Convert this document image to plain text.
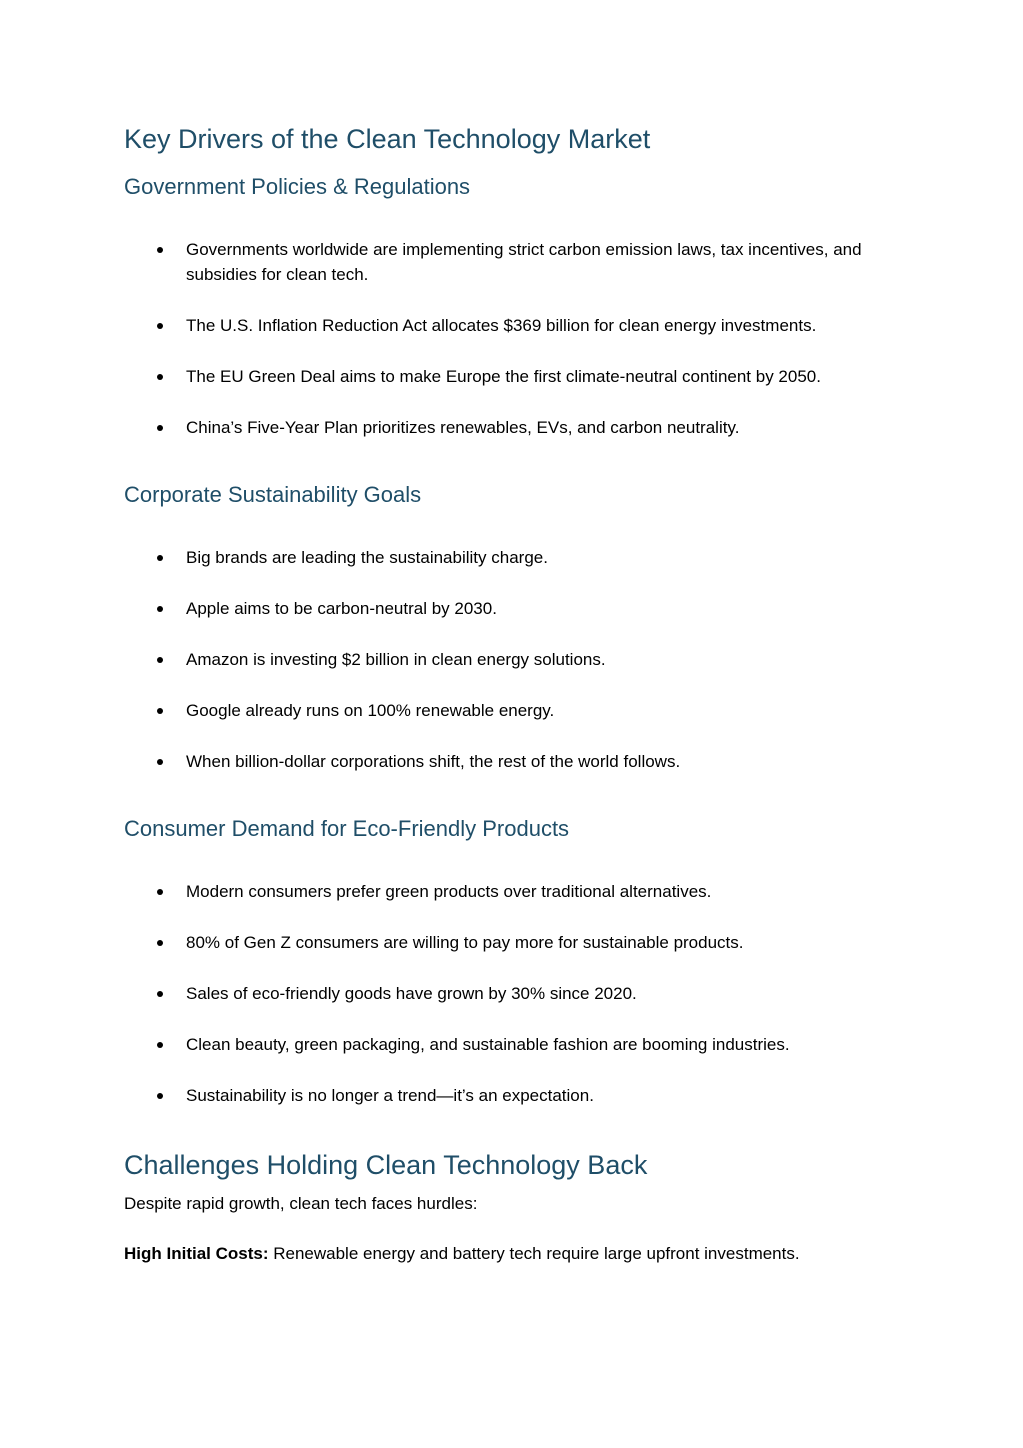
Key Drivers of the Clean Technology Market
Government Policies & Regulations
Governments worldwide are implementing strict carbon emission laws, tax incentives, and subsidies for clean tech.
The U.S. Inflation Reduction Act allocates $369 billion for clean energy investments.
The EU Green Deal aims to make Europe the first climate-neutral continent by 2050.
China’s Five-Year Plan prioritizes renewables, EVs, and carbon neutrality.
Corporate Sustainability Goals
Big brands are leading the sustainability charge.
Apple aims to be carbon-neutral by 2030.
Amazon is investing $2 billion in clean energy solutions.
Google already runs on 100% renewable energy.
When billion-dollar corporations shift, the rest of the world follows.
Consumer Demand for Eco-Friendly Products
Modern consumers prefer green products over traditional alternatives.
80% of Gen Z consumers are willing to pay more for sustainable products.
Sales of eco-friendly goods have grown by 30% since 2020.
Clean beauty, green packaging, and sustainable fashion are booming industries.
Sustainability is no longer a trend—it’s an expectation.
Challenges Holding Clean Technology Back

Despite rapid growth, clean tech faces hurdles:

High Initial Costs: Renewable energy and battery tech require large upfront investments.
